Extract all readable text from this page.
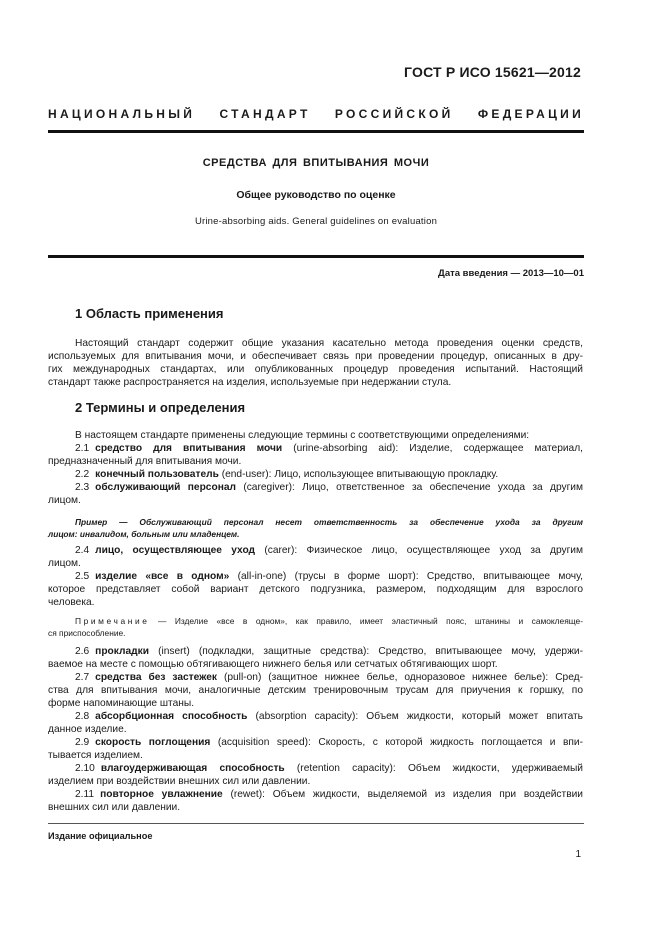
ГОСТ Р ИСО 15621—2012
НАЦИОНАЛЬНЫЙ СТАНДАРТ РОССИЙСКОЙ ФЕДЕРАЦИИ
СРЕДСТВА ДЛЯ ВПИТЫВАНИЯ МОЧИ
Общее руководство по оценке
Urine-absorbing aids. General guidelines on evaluation
Дата введения — 2013—10—01
1 Область применения
Настоящий стандарт содержит общие указания касательно метода проведения оценки средств,
используемых для впитывания мочи, и обеспечивает связь при проведении процедур, описанных в дру-
гих международных стандартах, или опубликованных процедур проведения испытаний. Настоящий
стандарт также распространяется на изделия, используемые при недержании стула.
2 Термины и определения
В настоящем стандарте применены следующие термины с соответствующими определениями:
2.1 средство для впитывания мочи (urine-absorbing aid): Изделие, содержащее материал,
предназначенный для впитывания мочи.
2.2 конечный пользователь (end-user): Лицо, использующее впитывающую прокладку.
2.3 обслуживающий персонал (caregiver): Лицо, ответственное за обеспечение ухода за другим
лицом.
2.4 лицо, осуществляющее уход (carer): Физическое лицо, осуществляющее уход за другим
лицом.
2.5 изделие «все в одном» (all-in-one) (трусы в форме шорт): Средство, впитывающее мочу,
которое представляет собой вариант детского подгузника, размером, подходящим для взрослого
человека.
2.6 прокладки (insert) (подкладки, защитные средства): Средство, впитывающее мочу, удержи-
ваемое на месте с помощью обтягивающего нижнего белья или сетчатых обтягивающих шорт.
2.7 средства без застежек (pull-on) (защитное нижнее белье, одноразовое нижнее белье): Сред-
ства для впитывания мочи, аналогичные детским тренировочным трусам для приучения к горшку, по
форме напоминающие штаны.
2.8 абсорбционная способность (absorption capacity): Объем жидкости, который может впитать
данное изделие.
2.9 скорость поглощения (acquisition speed): Скорость, с которой жидкость поглощается и впи-
тывается изделием.
2.10 влагоудерживающая способность (retention capacity): Объем жидкости, удерживаемый
изделием при воздействии внешних сил или давлении.
2.11 повторное увлажнение (rewet): Объем жидкости, выделяемой из изделия при воздействии
внешних сил или давлении.
Пример — Обслуживающий персонал несет ответственность за обеспечение ухода за другим
лицом: инвалидом, больным или младенцем.
Примечание — Изделие «все в одном», как правило, имеет эластичный пояс, штанины и самоклеяще-
ся приспособление.
Издание официальное
1
